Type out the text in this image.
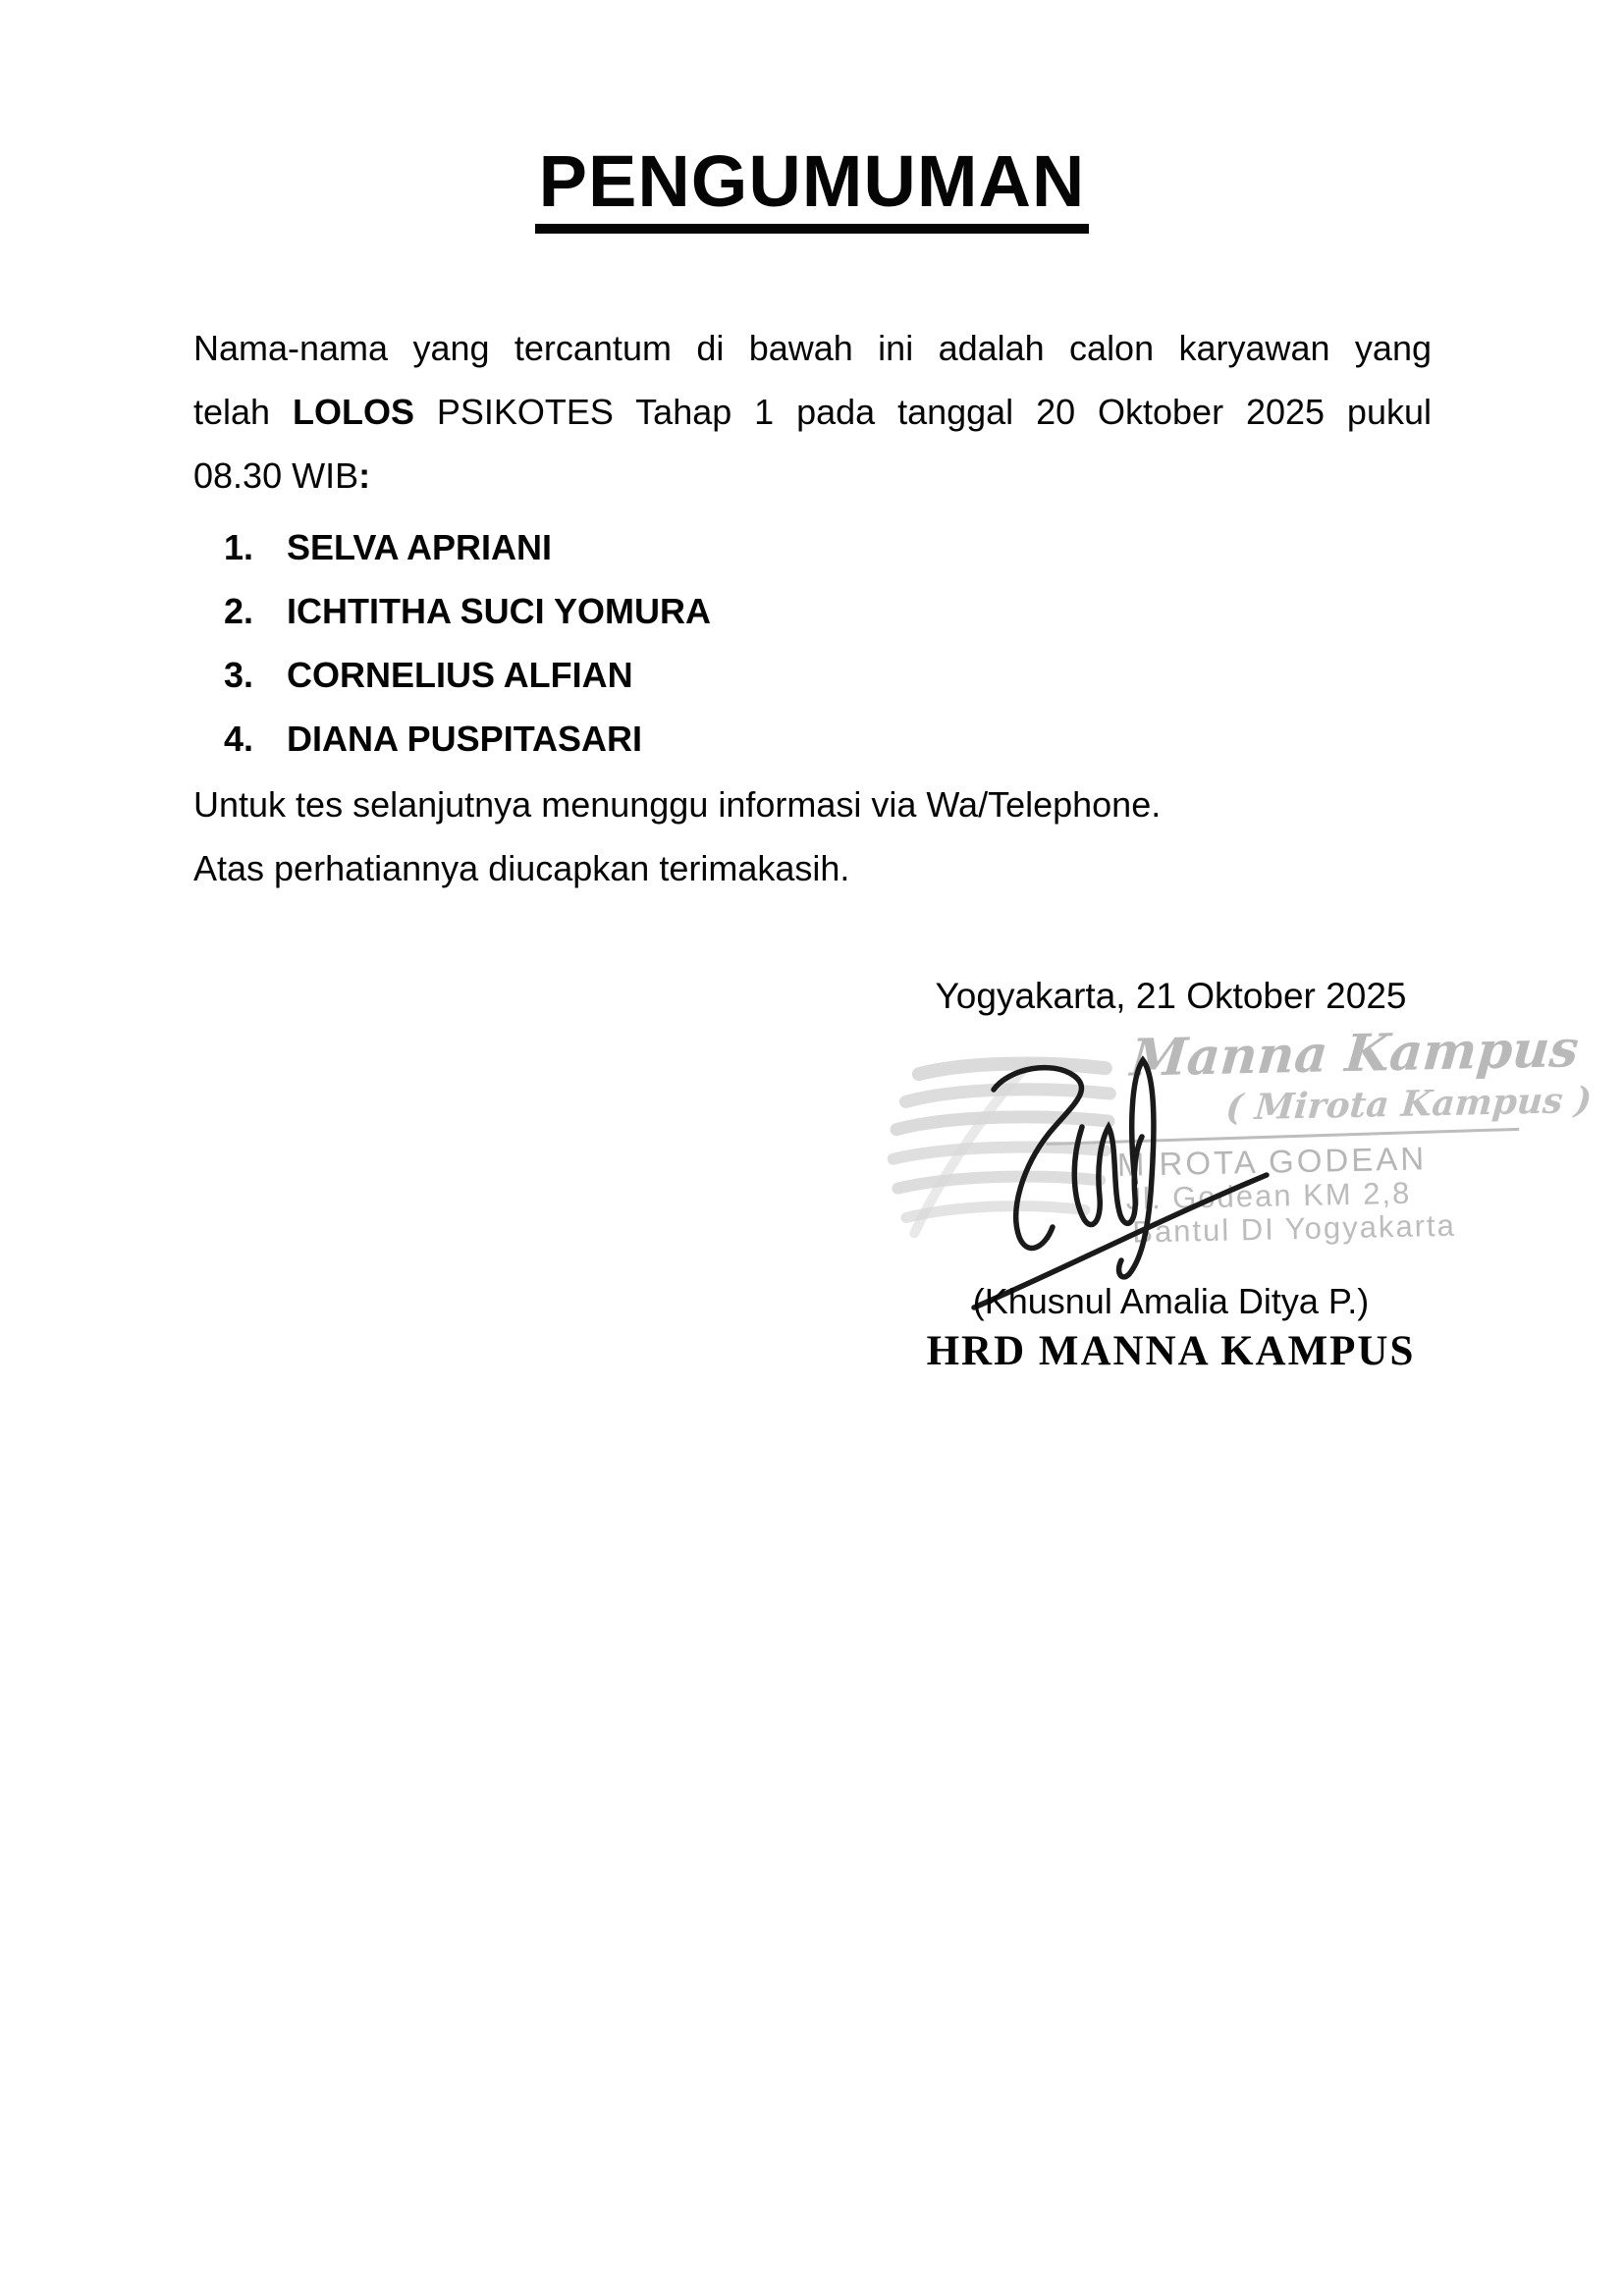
PENGUMUMAN
Nama-nama yang tercantum di bawah ini adalah calon karyawan yang
telah LOLOS PSIKOTES Tahap 1 pada tanggal 20 Oktober 2025 pukul
08.30 WIB:
1. SELVA APRIANI
2. ICHTITHA SUCI YOMURA
3. CORNELIUS ALFIAN
4. DIANA PUSPITASARI
Untuk tes selanjutnya menunggu informasi via Wa/Telephone.
Atas perhatiannya diucapkan terimakasih.
Yogyakarta, 21 Oktober 2025
Manna Kampus
( Mirota Kampus )
MIROTA GODEAN
Jl. Godean KM 2,8
Bantul DI Yogyakarta
(Khusnul Amalia Ditya P.)
HRD MANNA KAMPUS
